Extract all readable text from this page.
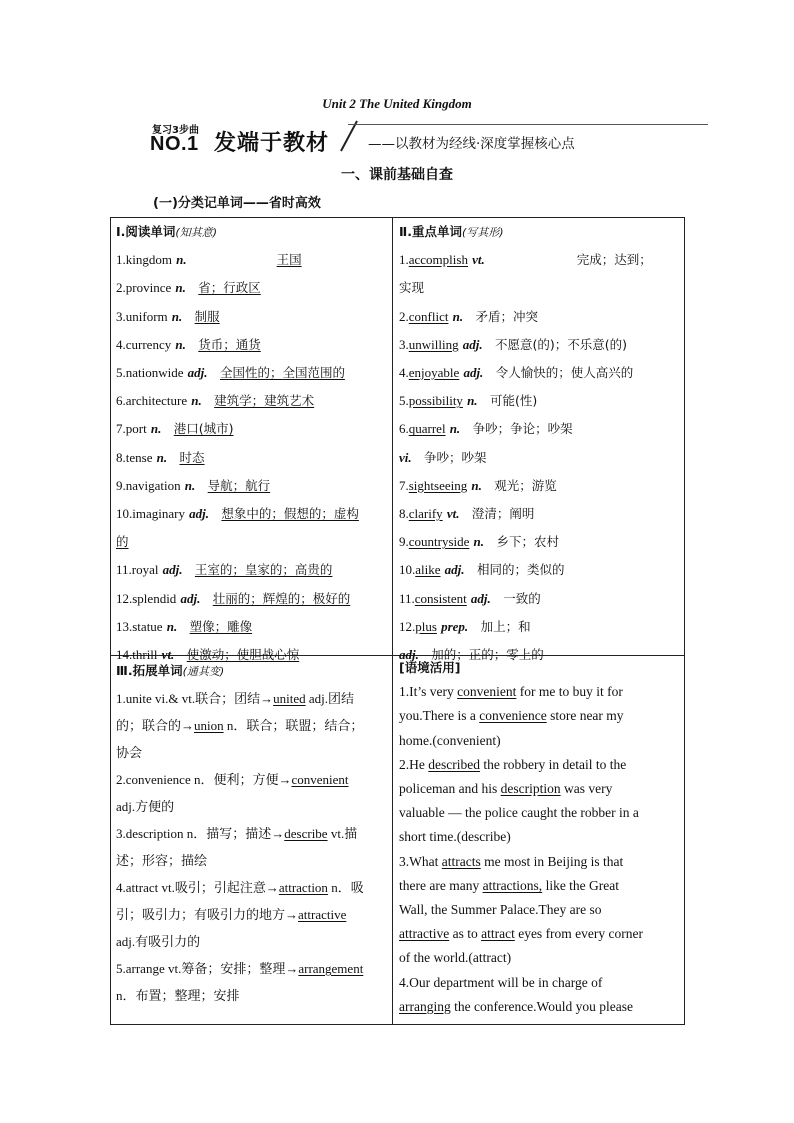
Unit 2 The United Kingdom
复习3步曲
NO.1 发端于教材	——以教材为经线·深度掌握核心点
一、课前基础自查
(一)分类记单词——省时高效
Ⅰ.阅读单词(知其意)
1.kingdom n.	王国
2.province n. 省；行政区
3.uniform n. 制服
4.currency n. 货币；通货
5.nationwide adj. 全国性的；全国范围的
6.architecture n. 建筑学；建筑艺术
7.port n. 港口(城市)
8.tense n. 时态
9.navigation n. 导航；航行
10.imaginary adj. 想象中的；假想的；虚构
的
11.royal adj. 王室的；皇家的；高贵的
12.splendid adj. 壮丽的；辉煌的；极好的
13.statue n. 塑像；雕像
14.thrill vt. 使激动；使胆战心惊
Ⅱ.重点单词(写其形)
1.accomplish vt.	完成；达到；
实现
2.conflict n. 矛盾；冲突
3.unwilling adj. 不愿意(的)；不乐意(的)
4.enjoyable adj. 令人愉快的；使人高兴的
5.possibility n. 可能(性)
6.quarrel n. 争吵；争论；吵架
vi. 争吵；吵架
7.sightseeing n. 观光；游览
8.clarify vt. 澄清；阐明
9.countryside n. 乡下；农村
10.alike adj. 相同的；类似的
11.consistent adj. 一致的
12.plus prep. 加上；和
adj. 加的；正的；零上的
Ⅲ.拓展单词(通其变)
1.unite vi.& vt.联合；团结→united adj.团结
的；联合的→union n．联合；联盟；结合；
协会
2.convenience n．便利；方便→convenient
adj.方便的
3.description n．描写；描述→describe vt.描
述；形容；描绘
4.attract vt.吸引；引起注意→attraction n．吸
引；吸引力；有吸引力的地方→attractive
adj.有吸引力的
5.arrange vt.筹备；安排；整理→arrangement
n．布置；整理；安排
[语境活用]
1.It’s very convenient for me to buy it for
you.There is a convenience store near my
home.(convenient)
2.He described the robbery in detail to the
policeman and his description was very
valuable — the police caught the robber in a
short time.(describe)
3.What attracts me most in Beijing is that
there are many attractions, like the Great
Wall, the Summer Palace.They are so
attractive as to attract eyes from every corner
of the world.(attract)
4.Our department will be in charge of
arranging the conference.Would you please
